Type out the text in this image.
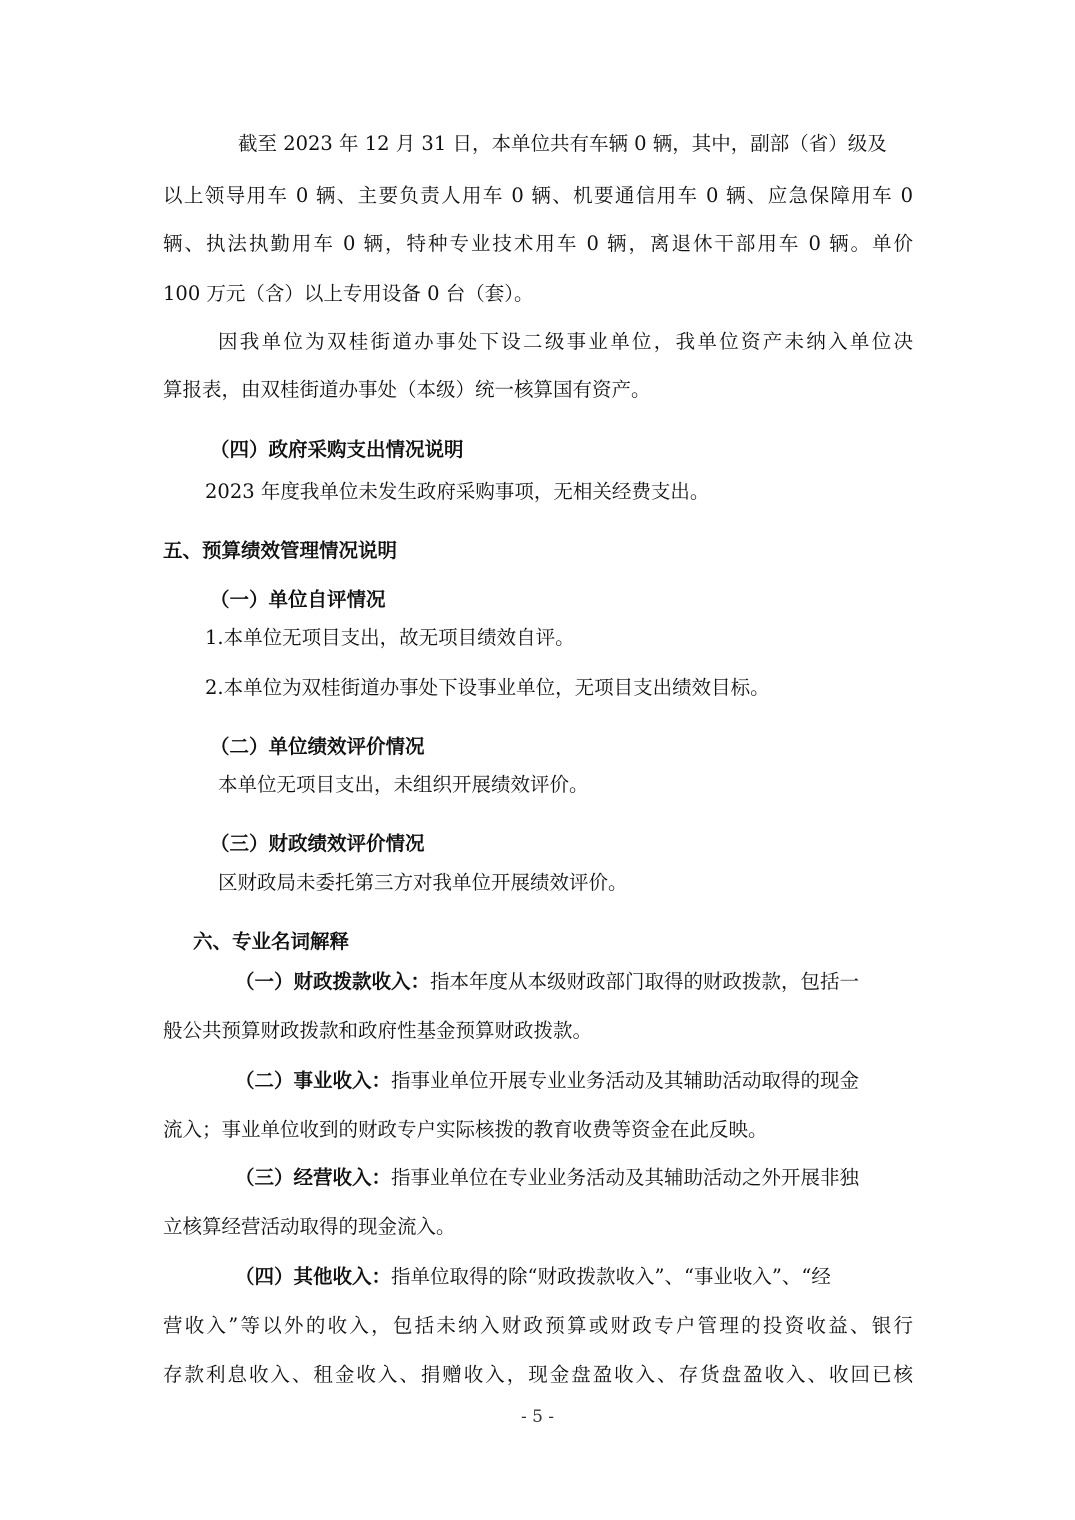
截至 2023 年 12 月 31 日，本单位共有车辆 0 辆，其中，副部（省）级及
以上领导用车 0 辆、主要负责人用车 0 辆、机要通信用车 0 辆、应急保障用车 0
辆、执法执勤用车 0 辆，特种专业技术用车 0 辆，离退休干部用车 0 辆。单价
100 万元（含）以上专用设备 0 台（套）。
因我单位为双桂街道办事处下设二级事业单位，我单位资产未纳入单位决
算报表，由双桂街道办事处（本级）统一核算国有资产。
（四）政府采购支出情况说明
2023 年度我单位未发生政府采购事项，无相关经费支出。
五、预算绩效管理情况说明
（一）单位自评情况
1.本单位无项目支出，故无项目绩效自评。
2.本单位为双桂街道办事处下设事业单位，无项目支出绩效目标。
（二）单位绩效评价情况
本单位无项目支出，未组织开展绩效评价。
（三）财政绩效评价情况
区财政局未委托第三方对我单位开展绩效评价。
六、专业名词解释
（一）财政拨款收入：指本年度从本级财政部门取得的财政拨款，包括一
般公共预算财政拨款和政府性基金预算财政拨款。
（二）事业收入：指事业单位开展专业业务活动及其辅助活动取得的现金
流入；事业单位收到的财政专户实际核拨的教育收费等资金在此反映。
（三）经营收入：指事业单位在专业业务活动及其辅助活动之外开展非独
立核算经营活动取得的现金流入。
（四）其他收入：指单位取得的除“财政拨款收入”、“事业收入”、“经
营收入”等以外的收入，包括未纳入财政预算或财政专户管理的投资收益、银行
存款利息收入、租金收入、捐赠收入，现金盘盈收入、存货盘盈收入、收回已核
- 5 -
